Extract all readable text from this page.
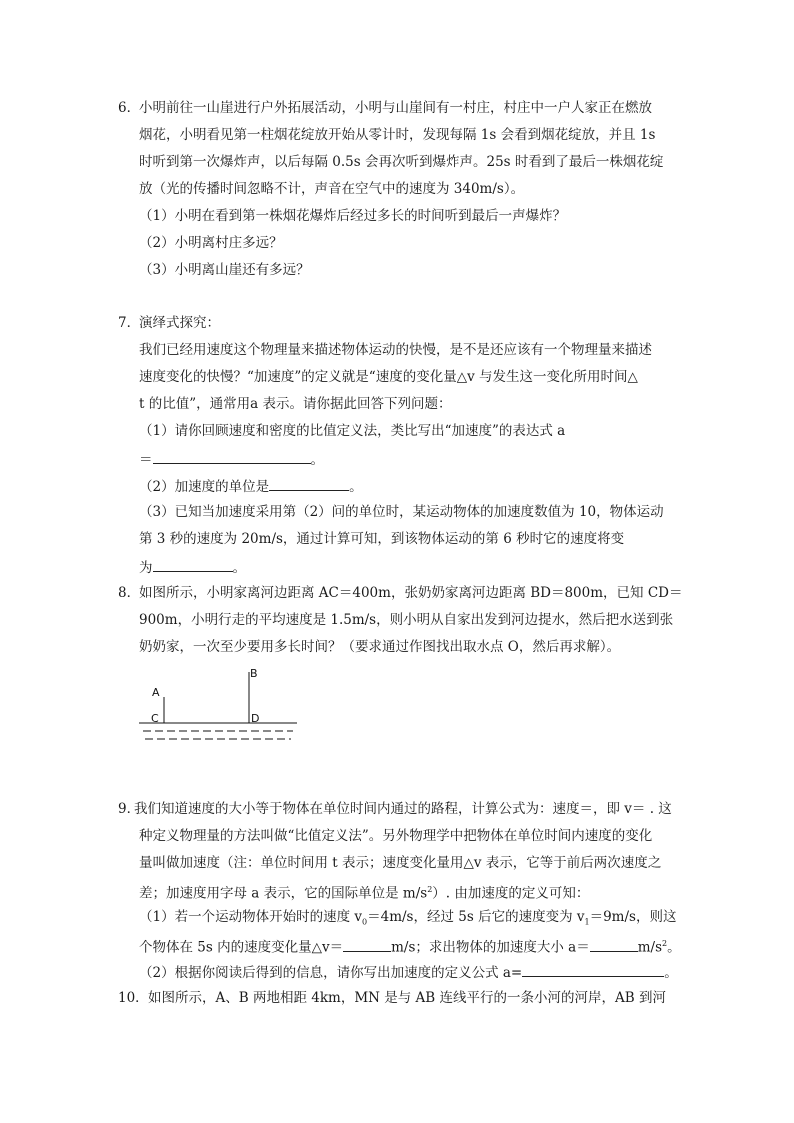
6．
小明前往一山崖进行户外拓展活动，小明与山崖间有一村庄，村庄中一户人家正在燃放
烟花，小明看见第一柱烟花绽放开始从零计时，发现每隔 1s 会看到烟花绽放，并且 1s
时听到第一次爆炸声，以后每隔 0.5s 会再次听到爆炸声。25s 时看到了最后一株烟花绽
放（光的传播时间忽略不计，声音在空气中的速度为 340m/s）。
（1）小明在看到第一株烟花爆炸后经过多长的时间听到最后一声爆炸？
（2）小明离村庄多远？
（3）小明离山崖还有多远？
7．
演绎式探究：
我们已经用速度这个物理量来描述物体运动的快慢，是不是还应该有一个物理量来描述
速度变化的快慢？“加速度”的定义就是“速度的变化量△v 与发生这一变化所用时间△
t 的比值”，通常用a 表示。请你据此回答下列问题：
（1）请你回顾速度和密度的比值定义法，类比写出“加速度”的表达式 a
＝	。
（2）加速度的单位是	。
（3）已知当加速度采用第（2）问的单位时，某运动物体的加速度数值为 10，物体运动
第 3 秒的速度为 20m/s，通过计算可知，到该物体运动的第 6 秒时它的速度将变
为	。
8．
如图所示，小明家离河边距离 AC＝400m，张奶奶家离河边距离 BD＝800m，已知 CD＝
900m，小明行走的平均速度是 1.5m/s，则小明从自家出发到河边提水，然后把水送到张
奶奶家，一次至少要用多长时间？（要求通过作图找出取水点 O，然后再求解）。
A
C
B
D
9．
我们知道速度的大小等于物体在单位时间内通过的路程，计算公式为：速度＝，即 v＝ . 这
种定义物理量的方法叫做“比值定义法”。另外物理学中把物体在单位时间内速度的变化
量叫做加速度（注：单位时间用 t 表示；速度变化量用△v 表示，它等于前后两次速度之
差；加速度用字母 a 表示，它的国际单位是 $m/s^2$）. 由加速度的定义可知：
（1）若一个运动物体开始时的速度 $v_0=4m/s$，经过 5s 后它的速度变为 $v_1=9m/s$，则这
个物体在 5s 内的速度变化量△v＝	m/s；求出物体的加速度大小 a＝	$m/s^2$。
（2）根据你阅读后得到的信息，请你写出加速度的定义公式 a=	。
10． 如图所示，A、B 两地相距 4km，MN 是与 AB 连线平行的一条小河的河岸，AB 到河
